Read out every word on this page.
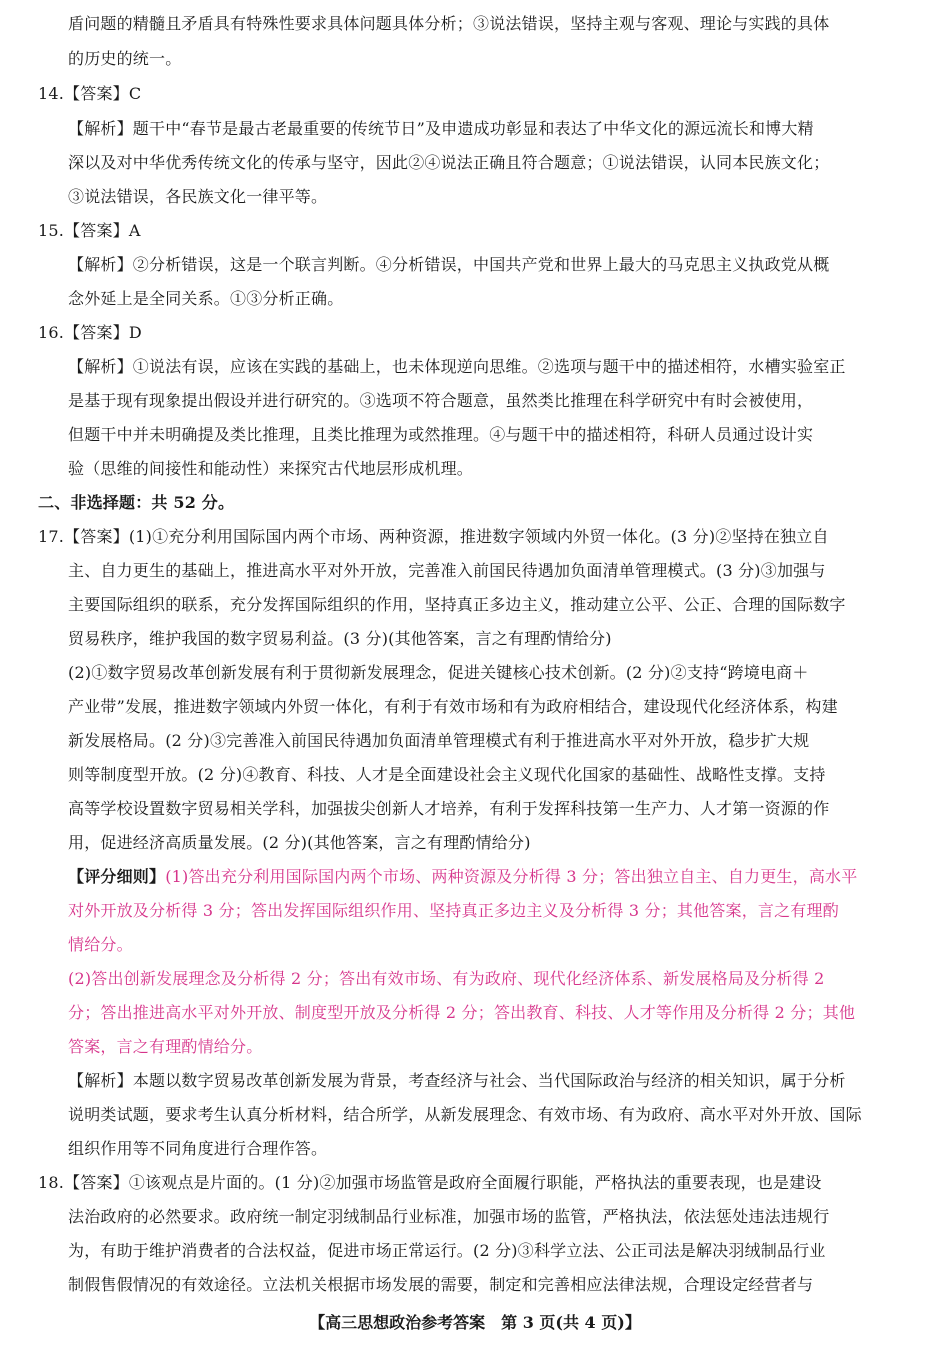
盾问题的精髓且矛盾具有特殊性要求具体问题具体分析；③说法错误，坚持主观与客观、理论与实践的具体
的历史的统一。
14.【答案】C
【解析】题干中“春节是最古老最重要的传统节日”及申遗成功彰显和表达了中华文化的源远流长和博大精
深以及对中华优秀传统文化的传承与坚守，因此②④说法正确且符合题意；①说法错误，认同本民族文化；
③说法错误，各民族文化一律平等。
15.【答案】A
【解析】②分析错误，这是一个联言判断。④分析错误，中国共产党和世界上最大的马克思主义执政党从概
念外延上是全同关系。①③分析正确。
16.【答案】D
【解析】①说法有误，应该在实践的基础上，也未体现逆向思维。②选项与题干中的描述相符，水槽实验室正
是基于现有现象提出假设并进行研究的。③选项不符合题意，虽然类比推理在科学研究中有时会被使用，
但题干中并未明确提及类比推理，且类比推理为或然推理。④与题干中的描述相符，科研人员通过设计实
验（思维的间接性和能动性）来探究古代地层形成机理。
二、非选择题：共 52 分。
17.【答案】(1)①充分利用国际国内两个市场、两种资源，推进数字领域内外贸一体化。(3 分)②坚持在独立自
主、自力更生的基础上，推进高水平对外开放，完善准入前国民待遇加负面清单管理模式。(3 分)③加强与
主要国际组织的联系，充分发挥国际组织的作用，坚持真正多边主义，推动建立公平、公正、合理的国际数字
贸易秩序，维护我国的数字贸易利益。(3 分)(其他答案，言之有理酌情给分)
(2)①数字贸易改革创新发展有利于贯彻新发展理念，促进关键核心技术创新。(2 分)②支持“跨境电商＋
产业带”发展，推进数字领域内外贸一体化，有利于有效市场和有为政府相结合，建设现代化经济体系，构建
新发展格局。(2 分)③完善准入前国民待遇加负面清单管理模式有利于推进高水平对外开放，稳步扩大规
则等制度型开放。(2 分)④教育、科技、人才是全面建设社会主义现代化国家的基础性、战略性支撑。支持
高等学校设置数字贸易相关学科，加强拔尖创新人才培养，有利于发挥科技第一生产力、人才第一资源的作
用，促进经济高质量发展。(2 分)(其他答案，言之有理酌情给分)
【评分细则】(1)答出充分利用国际国内两个市场、两种资源及分析得 3 分；答出独立自主、自力更生，高水平
对外开放及分析得 3 分；答出发挥国际组织作用、坚持真正多边主义及分析得 3 分；其他答案，言之有理酌
情给分。
(2)答出创新发展理念及分析得 2 分；答出有效市场、有为政府、现代化经济体系、新发展格局及分析得 2
分；答出推进高水平对外开放、制度型开放及分析得 2 分；答出教育、科技、人才等作用及分析得 2 分；其他
答案，言之有理酌情给分。
【解析】本题以数字贸易改革创新发展为背景，考查经济与社会、当代国际政治与经济的相关知识，属于分析
说明类试题，要求考生认真分析材料，结合所学，从新发展理念、有效市场、有为政府、高水平对外开放、国际
组织作用等不同角度进行合理作答。
18.【答案】①该观点是片面的。(1 分)②加强市场监管是政府全面履行职能，严格执法的重要表现，也是建设
法治政府的必然要求。政府统一制定羽绒制品行业标准，加强市场的监管，严格执法，依法惩处违法违规行
为，有助于维护消费者的合法权益，促进市场正常运行。(2 分)③科学立法、公正司法是解决羽绒制品行业
制假售假情况的有效途径。立法机关根据市场发展的需要，制定和完善相应法律法规，合理设定经营者与
【高三思想政治参考答案　第 3 页(共 4 页)】
